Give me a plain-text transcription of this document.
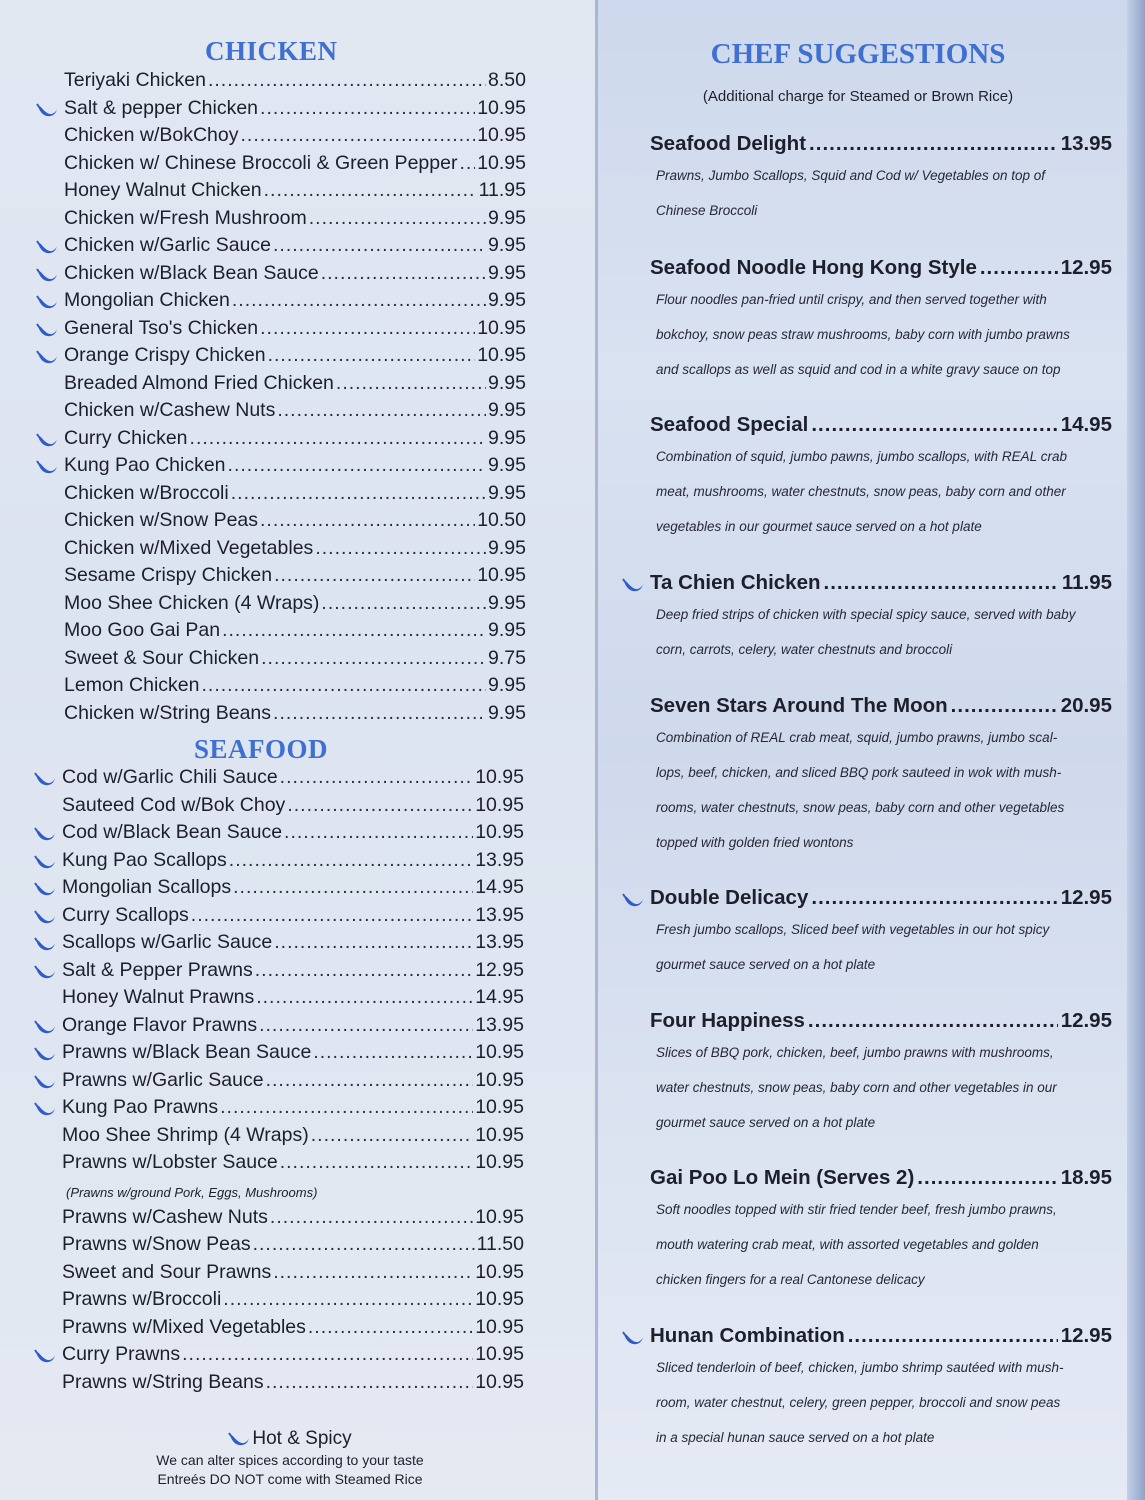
CHICKEN
Teriyaki Chicken .....	8.50
Salt & pepper Chicken .....	10.95
Chicken w/BokChoy .....	10.95
Chicken w/ Chinese Broccoli & Green Pepper ..... 10.95
Honey Walnut Chicken .....	11.95
Chicken w/Fresh Mushroom .....	9.95
Chicken w/Garlic Sauce .....	9.95
Chicken w/Black Bean Sauce .....	9.95
Mongolian Chicken .....	9.95
General Tso's Chicken .....	10.95
Orange Crispy Chicken .....	10.95
Breaded Almond Fried Chicken .....	9.95
Chicken w/Cashew Nuts .....	9.95
Curry Chicken .....	9.95
Kung Pao Chicken .....	9.95
Chicken w/Broccoli .....	9.95
Chicken w/Snow Peas .....	10.50
Chicken w/Mixed Vegetables .....	9.95
Sesame Crispy Chicken .....	10.95
Moo Shee Chicken (4 Wraps) .....	9.95
Moo Goo Gai Pan .....	9.95
Sweet & Sour Chicken .....	9.75
Lemon Chicken .....	9.95
Chicken w/String Beans .....	9.95
SEAFOOD
Cod w/Garlic Chili Sauce .....	10.95
Sauteed Cod w/Bok Choy .....	10.95
Cod w/Black Bean Sauce .....	10.95
Kung Pao Scallops .....	13.95
Mongolian Scallops .....	14.95
Curry Scallops .....	13.95
Scallops w/Garlic Sauce .....	13.95
Salt & Pepper Prawns .....	12.95
Honey Walnut Prawns .....	14.95
Orange Flavor Prawns .....	13.95
Prawns w/Black Bean Sauce .....	10.95
Prawns w/Garlic Sauce .....	10.95
Kung Pao Prawns .....	10.95
Moo Shee Shrimp (4 Wraps) .....	10.95
Prawns w/Lobster Sauce .....	10.95
(Prawns w/ground Pork, Eggs, Mushrooms)
Prawns w/Cashew Nuts .....	10.95
Prawns w/Snow Peas .....	11.50
Sweet and Sour Prawns .....	10.95
Prawns w/Broccoli .....	10.95
Prawns w/Mixed Vegetables .....	10.95
Curry Prawns .....	10.95
Prawns w/String Beans .....	10.95
Hot & Spicy
We can alter spices according to your taste
Entreés DO NOT come with Steamed Rice
CHEF SUGGESTIONS
(Additional charge for Steamed or Brown Rice)
Seafood Delight .....	13.95
Prawns, Jumbo Scallops, Squid and Cod w/ Vegetables on top of
Chinese Broccoli
Seafood Noodle Hong Kong Style .....	12.95
Flour noodles pan-fried until crispy, and then served together with
bokchoy, snow peas straw mushrooms, baby corn with jumbo prawns
and scallops as well as squid and cod in a white gravy sauce on top
Seafood Special .....	14.95
Combination of squid, jumbo pawns, jumbo scallops, with REAL crab
meat, mushrooms, water chestnuts, snow peas, baby corn and other
vegetables in our gourmet sauce served on a hot plate
Ta Chien Chicken .....	11.95
Deep fried strips of chicken with special spicy sauce, served with baby
corn, carrots, celery, water chestnuts and broccoli
Seven Stars Around The Moon .....	20.95
Combination of REAL crab meat, squid, jumbo prawns, jumbo scal-
lops, beef, chicken, and sliced BBQ pork sauteed in wok with mush-
rooms, water chestnuts, snow peas, baby corn and other vegetables
topped with golden fried wontons
Double Delicacy .....	12.95
Fresh jumbo scallops, Sliced beef with vegetables in our hot spicy
gourmet sauce served on a hot plate
Four Happiness .....	12.95
Slices of BBQ pork, chicken, beef, jumbo prawns with mushrooms,
water chestnuts, snow peas, baby corn and other vegetables in our
gourmet sauce served on a hot plate
Gai Poo Lo Mein (Serves 2) .....	18.95
Soft noodles topped with stir fried tender beef, fresh jumbo prawns,
mouth watering crab meat, with assorted vegetables and golden
chicken fingers for a real Cantonese delicacy
Hunan Combination .....	12.95
Sliced tenderloin of beef, chicken, jumbo shrimp sautéed with mush-
room, water chestnut, celery, green pepper, broccoli and snow peas
in a special hunan sauce served on a hot plate
